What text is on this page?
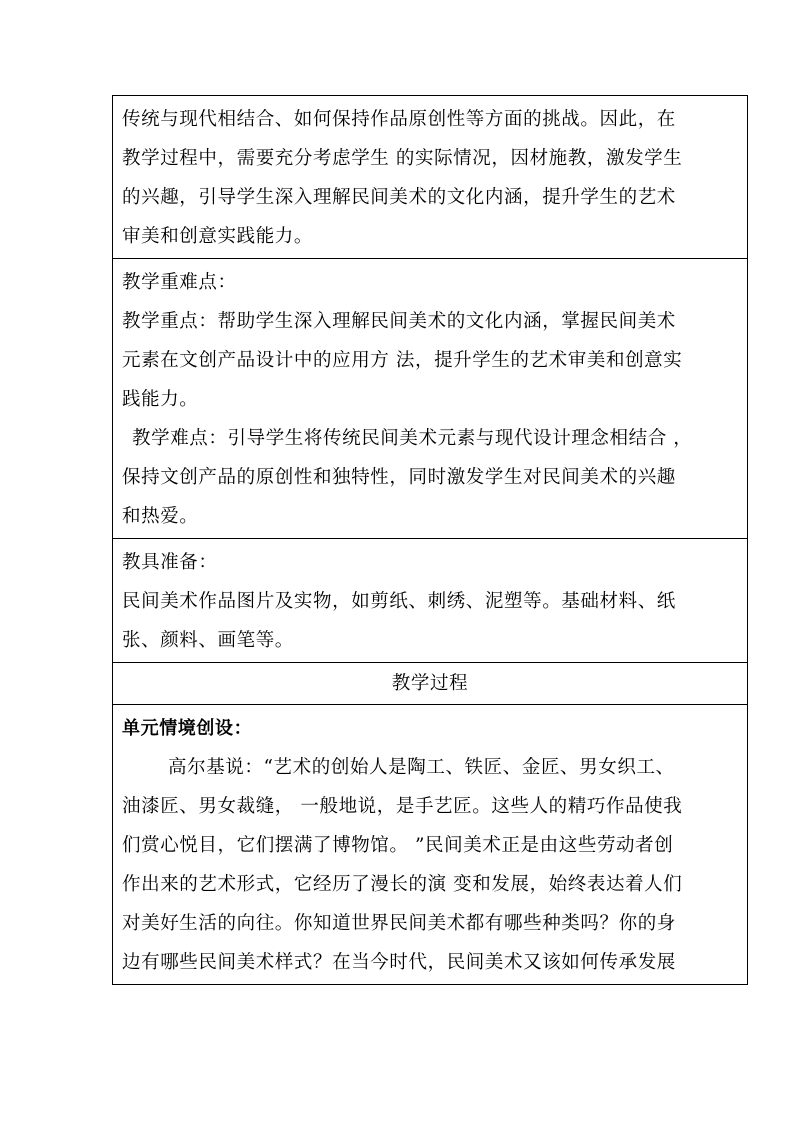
传统与现代相结合、如何保持作品原创性等方面的挑战。因此，在
教学过程中，需要充分考虑学生 的实际情况，因材施教，激发学生
的兴趣，引导学生深入理解民间美术的文化内涵，提升学生的艺术
审美和创意实践能力。
教学重难点：
教学重点：帮助学生深入理解民间美术的文化内涵，掌握民间美术
元素在文创产品设计中的应用方 法，提升学生的艺术审美和创意实
践能力。
教学难点：引导学生将传统民间美术元素与现代设计理念相结合 ，
保持文创产品的原创性和独特性，同时激发学生对民间美术的兴趣
和热爱。
教具准备：
民间美术作品图片及实物，如剪纸、刺绣、泥塑等。基础材料、纸
张、颜料、画笔等。
教学过程
单元情境创设：
高尔基说：“艺术的创始人是陶工、铁匠、金匠、男女织工、
油漆匠、男女裁缝， 一般地说，是手艺匠。这些人的精巧作品使我
们赏心悦目，它们摆满了博物馆。 ”民间美术正是由这些劳动者创
作出来的艺术形式，它经历了漫长的演 变和发展，始终表达着人们
对美好生活的向往。你知道世界民间美术都有哪些种类吗？你的身
边有哪些民间美术样式？在当今时代，民间美术又该如何传承发展
